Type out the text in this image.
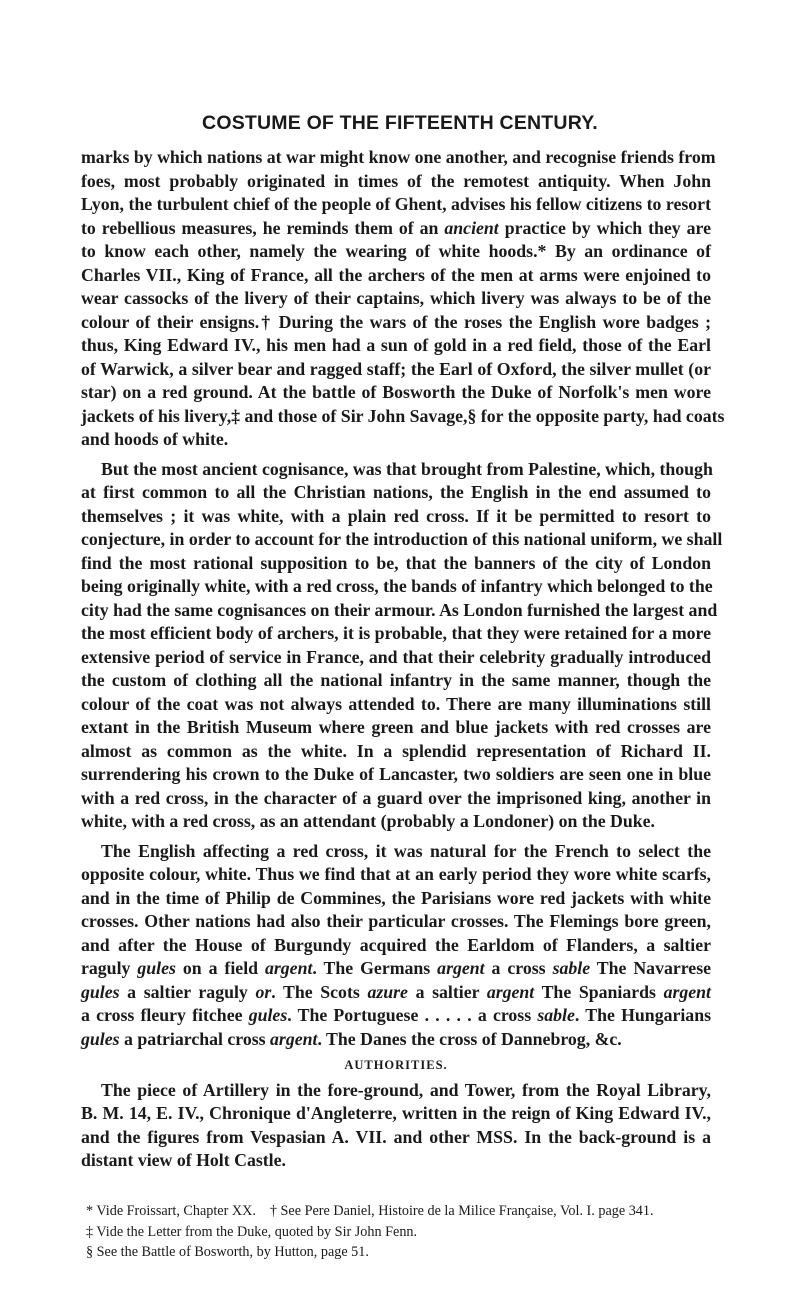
COSTUME OF THE FIFTEENTH CENTURY.
marks by which nations at war might know one another, and recognise friends from
foes, most probably originated in times of the remotest antiquity. When John
Lyon, the turbulent chief of the people of Ghent, advises his fellow citizens to resort
to rebellious measures, he reminds them of an ancient practice by which they are
to know each other, namely the wearing of white hoods.* By an ordinance of
Charles VII., King of France, all the archers of the men at arms were enjoined to
wear cassocks of the livery of their captains, which livery was always to be of the
colour of their ensigns.† During the wars of the roses the English wore badges ;
thus, King Edward IV., his men had a sun of gold in a red field, those of the Earl
of Warwick, a silver bear and ragged staff; the Earl of Oxford, the silver mullet (or
star) on a red ground. At the battle of Bosworth the Duke of Norfolk's men wore
jackets of his livery,‡ and those of Sir John Savage,§ for the opposite party, had coats
and hoods of white.
But the most ancient cognisance, was that brought from Palestine, which, though
at first common to all the Christian nations, the English in the end assumed to
themselves ; it was white, with a plain red cross. If it be permitted to resort to
conjecture, in order to account for the introduction of this national uniform, we shall
find the most rational supposition to be, that the banners of the city of London
being originally white, with a red cross, the bands of infantry which belonged to the
city had the same cognisances on their armour. As London furnished the largest and
the most efficient body of archers, it is probable, that they were retained for a more
extensive period of service in France, and that their celebrity gradually introduced
the custom of clothing all the national infantry in the same manner, though the
colour of the coat was not always attended to. There are many illuminations still
extant in the British Museum where green and blue jackets with red crosses are
almost as common as the white. In a splendid representation of Richard II.
surrendering his crown to the Duke of Lancaster, two soldiers are seen one in blue
with a red cross, in the character of a guard over the imprisoned king, another in
white, with a red cross, as an attendant (probably a Londoner) on the Duke.
The English affecting a red cross, it was natural for the French to select the
opposite colour, white. Thus we find that at an early period they wore white scarfs,
and in the time of Philip de Commines, the Parisians wore red jackets with white
crosses. Other nations had also their particular crosses. The Flemings bore green,
and after the House of Burgundy acquired the Earldom of Flanders, a saltier
raguly gules on a field argent. The Germans argent a cross sable The Navarrese
gules a saltier raguly or. The Scots azure a saltier argent The Spaniards argent
a cross fleury fitchee gules. The Portuguese . . . . . a cross sable. The Hungarians
gules a patriarchal cross argent. The Danes the cross of Dannebrog, &c.
AUTHORITIES.
The piece of Artillery in the fore-ground, and Tower, from the Royal Library,
B. M. 14, E. IV., Chronique d'Angleterre, written in the reign of King Edward IV.,
and the figures from Vespasian A. VII. and other MSS. In the back-ground is a
distant view of Holt Castle.
* Vide Froissart, Chapter XX. † See Pere Daniel, Histoire de la Milice Française, Vol. I. page 341.
‡ Vide the Letter from the Duke, quoted by Sir John Fenn.
§ See the Battle of Bosworth, by Hutton, page 51.
